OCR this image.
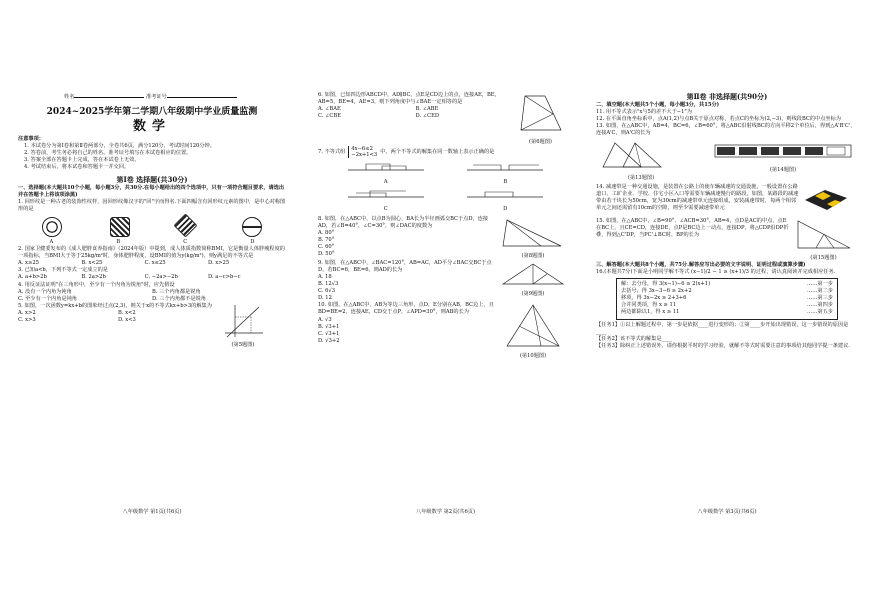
姓名	准考证号
2024~2025学年第二学期八年级期中学业质量监测
数学
注意事项：

1. 本试卷分为第Ⅰ卷和第Ⅱ卷两部分，全卷共6页，满分120分，考试时间120分钟。

2. 答卷前，考生务必将自己的姓名、准考证号填写在本试卷相应的位置。

3. 答案全部在答题卡上完成，答在本试卷上无效。

4. 考试结束后，将本试卷和答题卡一并交回。

第Ⅰ卷 选择题(共30分)

一、选择题(本大题共10个小题，每小题3分，共30分.在每小题给出的四个选项中，只有一项符合题目要求，请选出并在答题卡上将该项涂黑)

1. 回形纹是一种古老的装饰性纹样，因回形纹像汉字的"回"字而得名.下面四幅含有回形纹元素的图中，是中心对称图形的是

A	B	C	D

2. 国家卫健委发布的《成人肥胖食养指南》（2024年版）中提到，成人体质指数简称BMI，它是衡量人体胖瘦程度的一项指标，当BMI大于等于25kg/m²时，身体肥胖程度，设BMI的值为y(kg/m²)，则y满足的不等式是

A. x≥25	B. x<25	C. x≤25	D. x>25

3. 已知a<b，下列不等式一定成立的是

A. a+b>2b	B. 2a>2b	C. −2a>−2b	D. a−c>b−c

4. 用反证法证明"在三角形中，至少有一个内角为锐角"时，应先假设

A. 没有一个内角为钝角	B. 三个内角都是锐角
C. 至少有一个内角是钝角	D. 三个内角都不是锐角

5. 如图，一次函数y=kx+b的图象经过点(2,3)，则关于x的不等式kx+b>3的解集为

A. x>2	B. x<2
C. x>3	D. x<3
(第5题图)
八年级数学 第1页(共6页)

6. 如图，已知四边形ABCD中，AD∥BC，点E是CD边上的点，连接AE，BE，AB=5，BE=4，AE=3，则下列角度中与∠BAE一定相等的是

A. ∠BAE	B. ∠ABE
C. ∠CBE	D. ∠CED
(第6题图)
7. 不等式组 4x−6≤2
−2x+1<3
中，两个不等式的解集在同一数轴上表示正确的是
A	B
C	D

8. 如图，在△ABC中，以点B为圆心，BA长为半径画弧交BC于点D，连接AD，若∠B=40°，∠C=30°，则∠DAC的度数为

A. 80°

B. 70°

C. 60°

D. 50°	(第8题图)

9. 如图，在△ABC中，∠BAC=120°，AB=AC，AD平分∠BAC交BC于点D，若BC=6，BE=6，则AD的长为

A. 18

B. 12√3

C. 6√3

D. 12

(第9题图)

10. 如图，在△ABC中，AB为等边三角形，点D，E分别在AB，BC边上，且BD=BE=2，连接AE，CD交于点P，∠APD=30°，则AB的长为

A. √3

B. √3+1

C. √3+1

D. √3+2

(第10题图)
八年级数学 第2页(共6页)
第Ⅱ卷 非选择题(共90分)

二、填空题(本大题共5个小题，每小题3分，共15分)

11. 用不等式表示"x与5的差不大于−1"为

12. 在平面直角坐标系中，点A(1,2)与点B关于原点对称，若点C的坐标为(2,−3)，则线段BC的中点坐标为

13. 如图，在△ABC中，AB=4，BC=6，∠B=60°，将△ABC沿射线BC的方向平移2个单位后，得到△A'B'C'，连接A'C，则A'C的长为

(第13题图)
(第14题图)

14. 减速带是一种交通设施，是装置在公路上的使车辆减速的交通设施，一般设置在公路道口、工矿企业、学校、住宅小区入口等需要车辆减速慢行的路段，如图，某路段的减速带由若干块长为50cm，宽为30cm的减速带单元连接组成，安装减速带时，每两个相邻单元之间还需留有10cm的空隙，则至少需要减速带单元

15. 如图，在△ABC中，∠B=90°，∠ACB=30°，AB=4，点D是AC的中点，点E在BC上，且CE=CD，连接DE，点P是BC边上一动点，连接DP，将△CDP沿DP折叠，得到△C'DP，当PC'⊥BC时，BP的长为

(第15题图)

三、解答题(本大题共8个小题，共75分.解答应写出必要的文字说明、证明过程或演算步骤)

16.(本题共7分)下面是小明同学解不等式 (x−1)/2 − 1 ≥ (x+1)/3 的过程，请认真阅读并完成相应任务.

解：去分母，得 3(x−1)−6 ≥ 2(x+1)	……第一步
去括号，得 3x−3−6 ≥ 2x+2	……第二步
移项，得 3x−2x ≥ 2+3+6	……第三步
合并同类项，得 x ≥ 11	……第四步
两边都除以1，得 x ≥ 11	……第五步

【任务1】①以上解题过程中，第一步是依据____进行变形的；②第____步开始出现错误，这一步错误的原因是____

【任务2】该不等式的解集是____

【任务3】除纠正上述错误外，请你根据平时的学习经验，就解不等式时需要注意的事项给其他同学提一条建议.

八年级数学 第3页(共6页)
